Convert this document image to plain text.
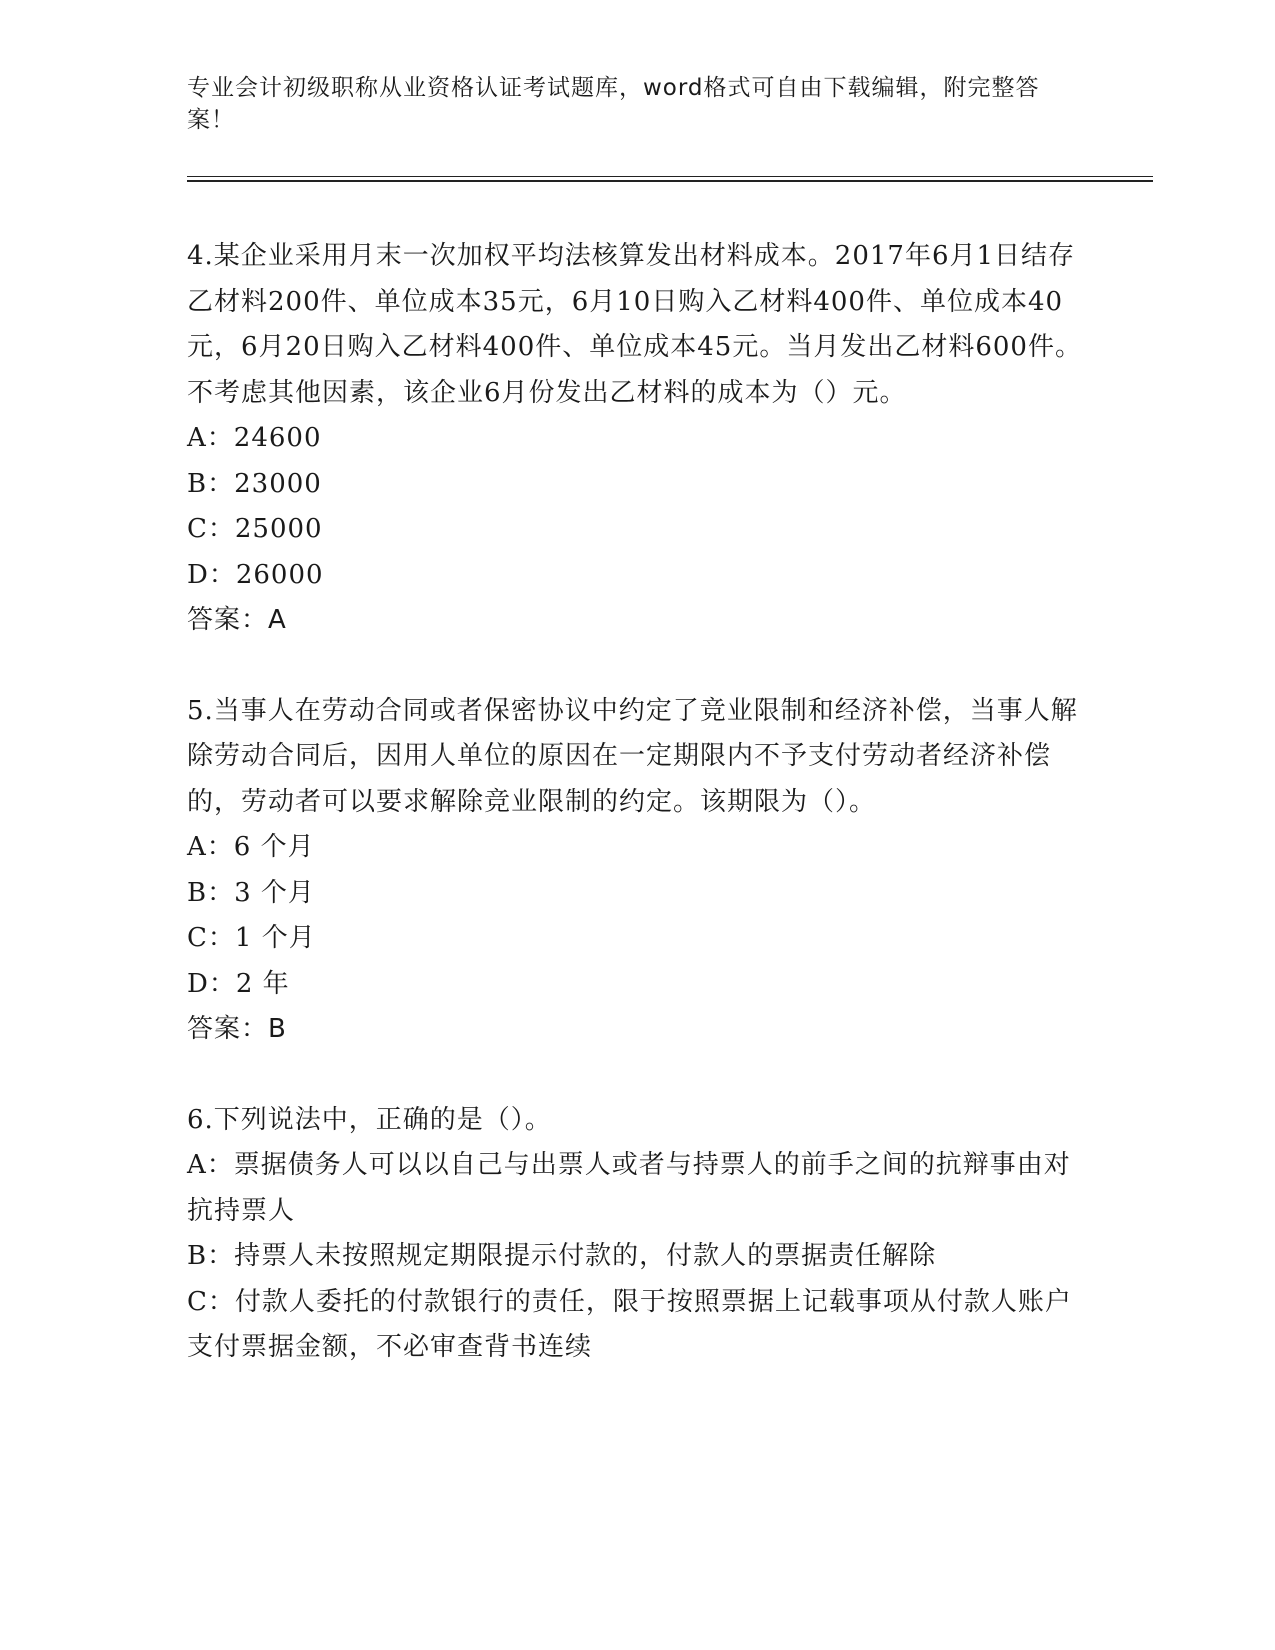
专业会计初级职称从业资格认证考试题库，word格式可自由下载编辑，附完整答案！

4.某企业采用月末一次加权平均法核算发出材料成本。2017年6月1日结存乙材料200件、单位成本35元，6月10日购入乙材料400件、单位成本40元，6月20日购入乙材料400件、单位成本45元。当月发出乙材料600件。不考虑其他因素，该企业6月份发出乙材料的成本为（）元。

A：24600

B：23000

C：25000

D：26000

答案：A

5.当事人在劳动合同或者保密协议中约定了竞业限制和经济补偿，当事人解除劳动合同后，因用人单位的原因在一定期限内不予支付劳动者经济补偿的，劳动者可以要求解除竞业限制的约定。该期限为（）。

A：6 个月

B：3 个月

C：1 个月

D：2 年

答案：B

6.下列说法中，正确的是（）。

A：票据债务人可以以自己与出票人或者与持票人的前手之间的抗辩事由对抗持票人

B：持票人未按照规定期限提示付款的，付款人的票据责任解除

C：付款人委托的付款银行的责任，限于按照票据上记载事项从付款人账户支付票据金额，不必审查背书连续
